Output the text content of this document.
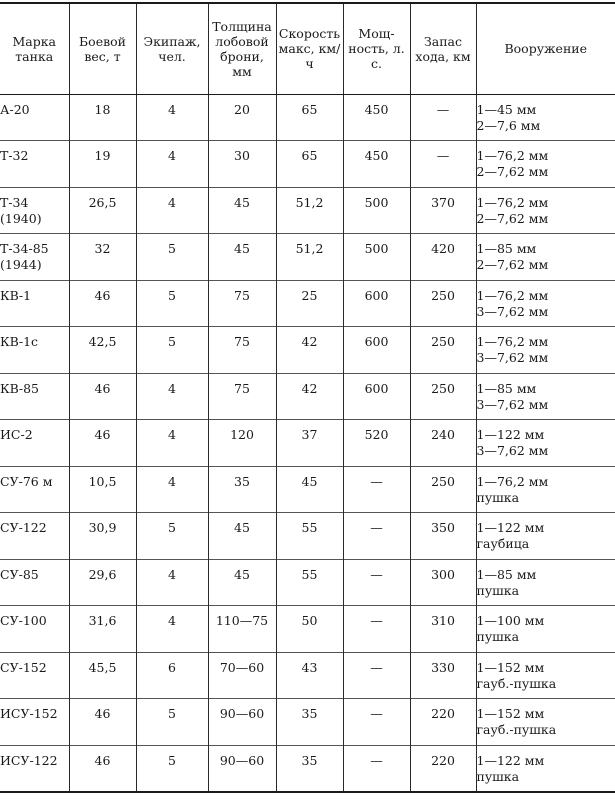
Марка танка	Боевой вес, т	Экипаж, чел.	Толщина лобовой брони, мм	Скорость макс, км/ч	Мощ- ность, л. с.	Запас хода, км	Вооружение
А-20	18	4	20	65	450	—	1—45 мм
2—7,6 мм

Т-32	19	4	30	65	450	—	1—76,2 мм
2—7,62 мм

Т-34 (1940)	26,5	4	45	51,2	500	370	1—76,2 мм
2—7,62 мм

Т-34-85 (1944)	32	5	45	51,2	500	420	1—85 мм
2—7,62 мм

КВ-1	46	5	75	25	600	250	1—76,2 мм
3—7,62 мм

КВ-1с	42,5	5	75	42	600	250	1—76,2 мм
3—7,62 мм

КВ-85	46	4	75	42	600	250	1—85 мм
3—7,62 мм

ИС-2	46	4	120	37	520	240	1—122 мм
3—7,62 мм

СУ-76 м	10,5	4	35	45	—	250	1—76,2 мм
пушка

СУ-122	30,9	5	45	55	—	350	1—122 мм
гаубица

СУ-85	29,6	4	45	55	—	300	1—85 мм
пушка

СУ-100	31,6	4	110—75	50	—	310	1—100 мм
пушка

СУ-152	45,5	6	70—60	43	—	330	1—152 мм
гауб.-пушка

ИСУ-152	46	5	90—60	35	—	220	1—152 мм
гауб.-пушка

ИСУ-122	46	5	90—60	35	—	220	1—122 мм
пушка
